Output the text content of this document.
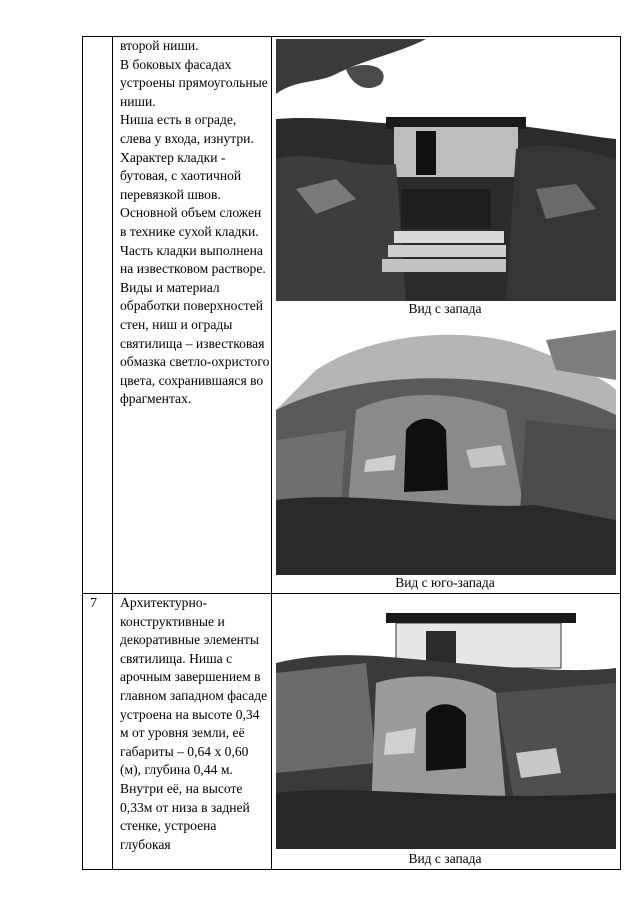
второй ниши.

В боковых фасадах устроены прямоугольные ниши.

Ниша есть в ограде, слева у входа, изнутри.

Характер кладки - бутовая, с хаотичной перевязкой швов.

Основной объем сложен в технике сухой кладки. Часть кладки выполнена на известковом растворе.

Виды и материал обработки поверхностей стен, ниш и ограды святилища – известковая обмазка светло-охристого цвета, сохранившаяся во фрагментах.

Вид с запада
Вид с юго-запада
7 Архитектурно-конструктивные и декоративные элементы святилища. Ниша с арочным завершением в главном западном фасаде устроена на высоте 0,34 м от уровня земли, её габариты – 0,64 х 0,60 (м), глубина 0,44 м. Внутри её, на высоте 0,33м от низа в задней стенке, устроена глубокая

Вид с запада
